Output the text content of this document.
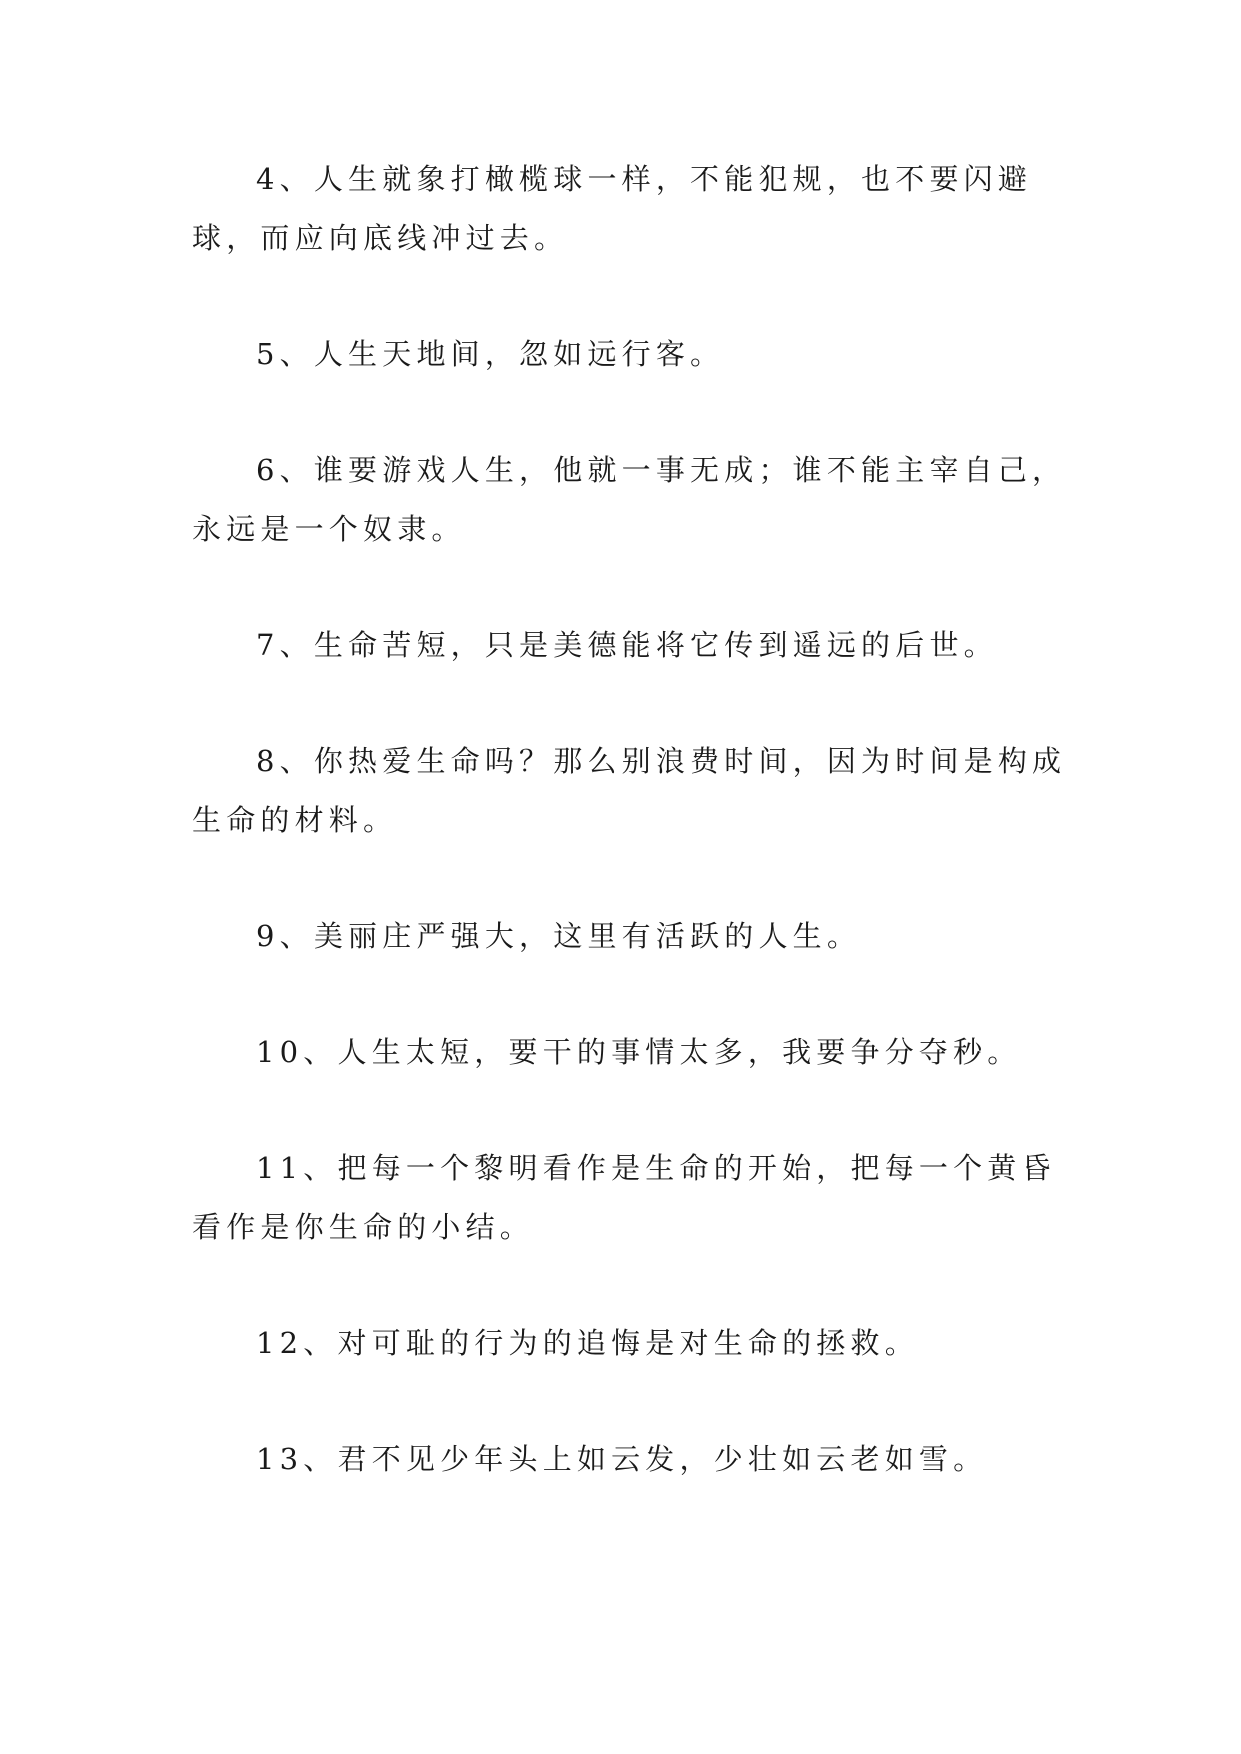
4、人生就象打橄榄球一样，不能犯规，也不要闪避球，而应向底线冲过去。

5、人生天地间，忽如远行客。

6、谁要游戏人生，他就一事无成；谁不能主宰自己，永远是一个奴隶。

7、生命苦短，只是美德能将它传到遥远的后世。

8、你热爱生命吗？那么别浪费时间，因为时间是构成生命的材料。

9、美丽庄严强大，这里有活跃的人生。

10、人生太短，要干的事情太多，我要争分夺秒。

11、把每一个黎明看作是生命的开始，把每一个黄昏看作是你生命的小结。

12、对可耻的行为的追悔是对生命的拯救。

13、君不见少年头上如云发，少壮如云老如雪。
